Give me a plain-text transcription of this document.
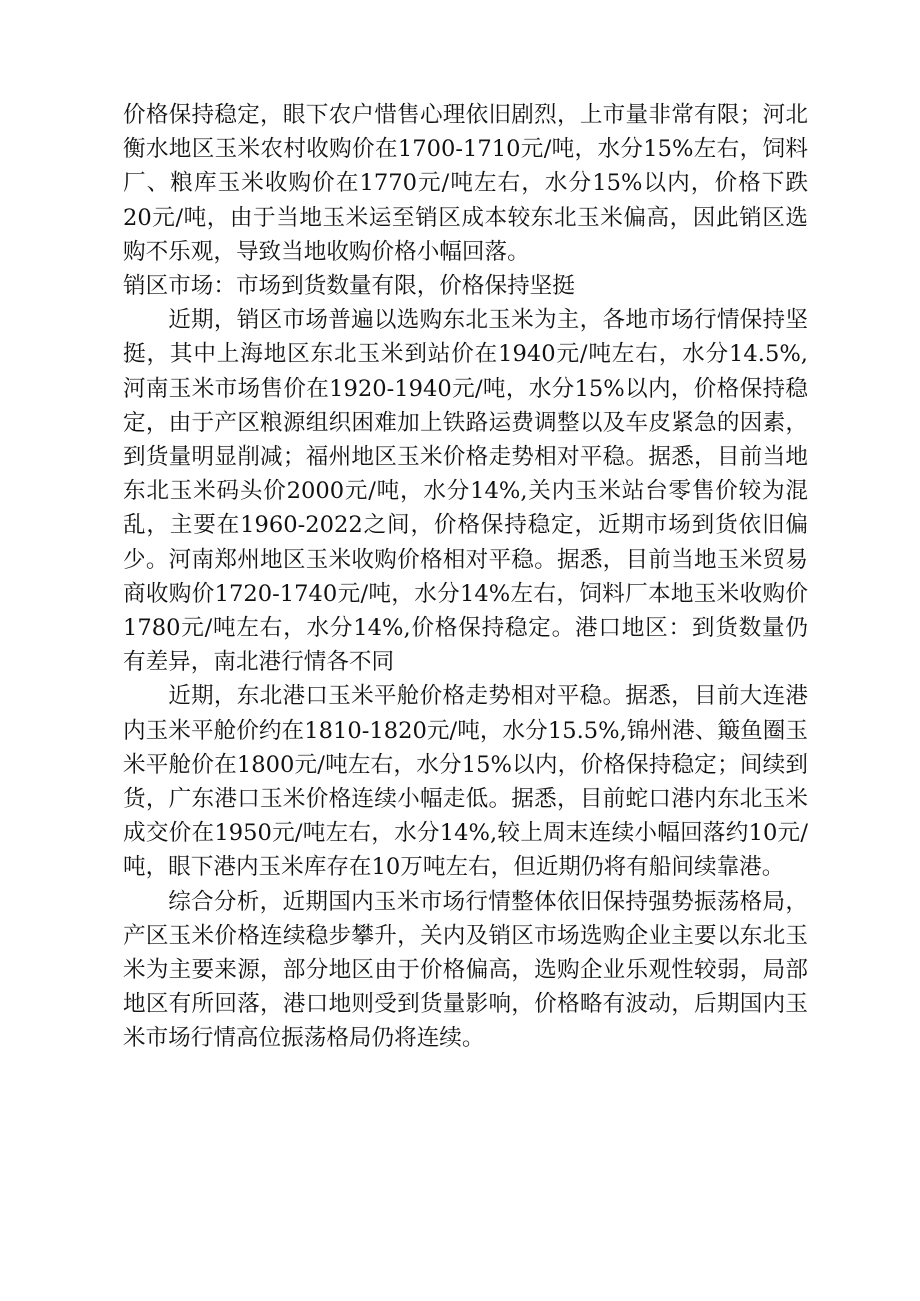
价格保持稳定，眼下农户惜售心理依旧剧烈，上市量非常有限；河北衡水地区玉米农村收购价在1700-1710元/吨，水分15%左右，饲料厂、粮库玉米收购价在1770元/吨左右，水分15%以内，价格下跌20元/吨，由于当地玉米运至销区成本较东北玉米偏高，因此销区选购不乐观，导致当地收购价格小幅回落。

销区市场：市场到货数量有限，价格保持坚挺

近期，销区市场普遍以选购东北玉米为主，各地市场行情保持坚挺，其中上海地区东北玉米到站价在1940元/吨左右，水分14.5%,河南玉米市场售价在1920-1940元/吨，水分15%以内，价格保持稳定，由于产区粮源组织困难加上铁路运费调整以及车皮紧急的因素，到货量明显削减；福州地区玉米价格走势相对平稳。据悉，目前当地东北玉米码头价2000元/吨，水分14%,关内玉米站台零售价较为混乱，主要在1960-2022之间，价格保持稳定，近期市场到货依旧偏少。河南郑州地区玉米收购价格相对平稳。据悉，目前当地玉米贸易商收购价1720-1740元/吨，水分14%左右，饲料厂本地玉米收购价1780元/吨左右，水分14%,价格保持稳定。港口地区：到货数量仍有差异，南北港行情各不同

近期，东北港口玉米平舱价格走势相对平稳。据悉，目前大连港内玉米平舱价约在1810-1820元/吨，水分15.5%,锦州港、簸鱼圈玉米平舱价在1800元/吨左右，水分15%以内，价格保持稳定；间续到货，广东港口玉米价格连续小幅走低。据悉，目前蛇口港内东北玉米成交价在1950元/吨左右，水分14%,较上周末连续小幅回落约10元/吨，眼下港内玉米库存在10万吨左右，但近期仍将有船间续靠港。

综合分析，近期国内玉米市场行情整体依旧保持强势振荡格局，产区玉米价格连续稳步攀升，关内及销区市场选购企业主要以东北玉米为主要来源，部分地区由于价格偏高，选购企业乐观性较弱，局部地区有所回落，港口地则受到货量影响，价格略有波动，后期国内玉米市场行情高位振荡格局仍将连续。
